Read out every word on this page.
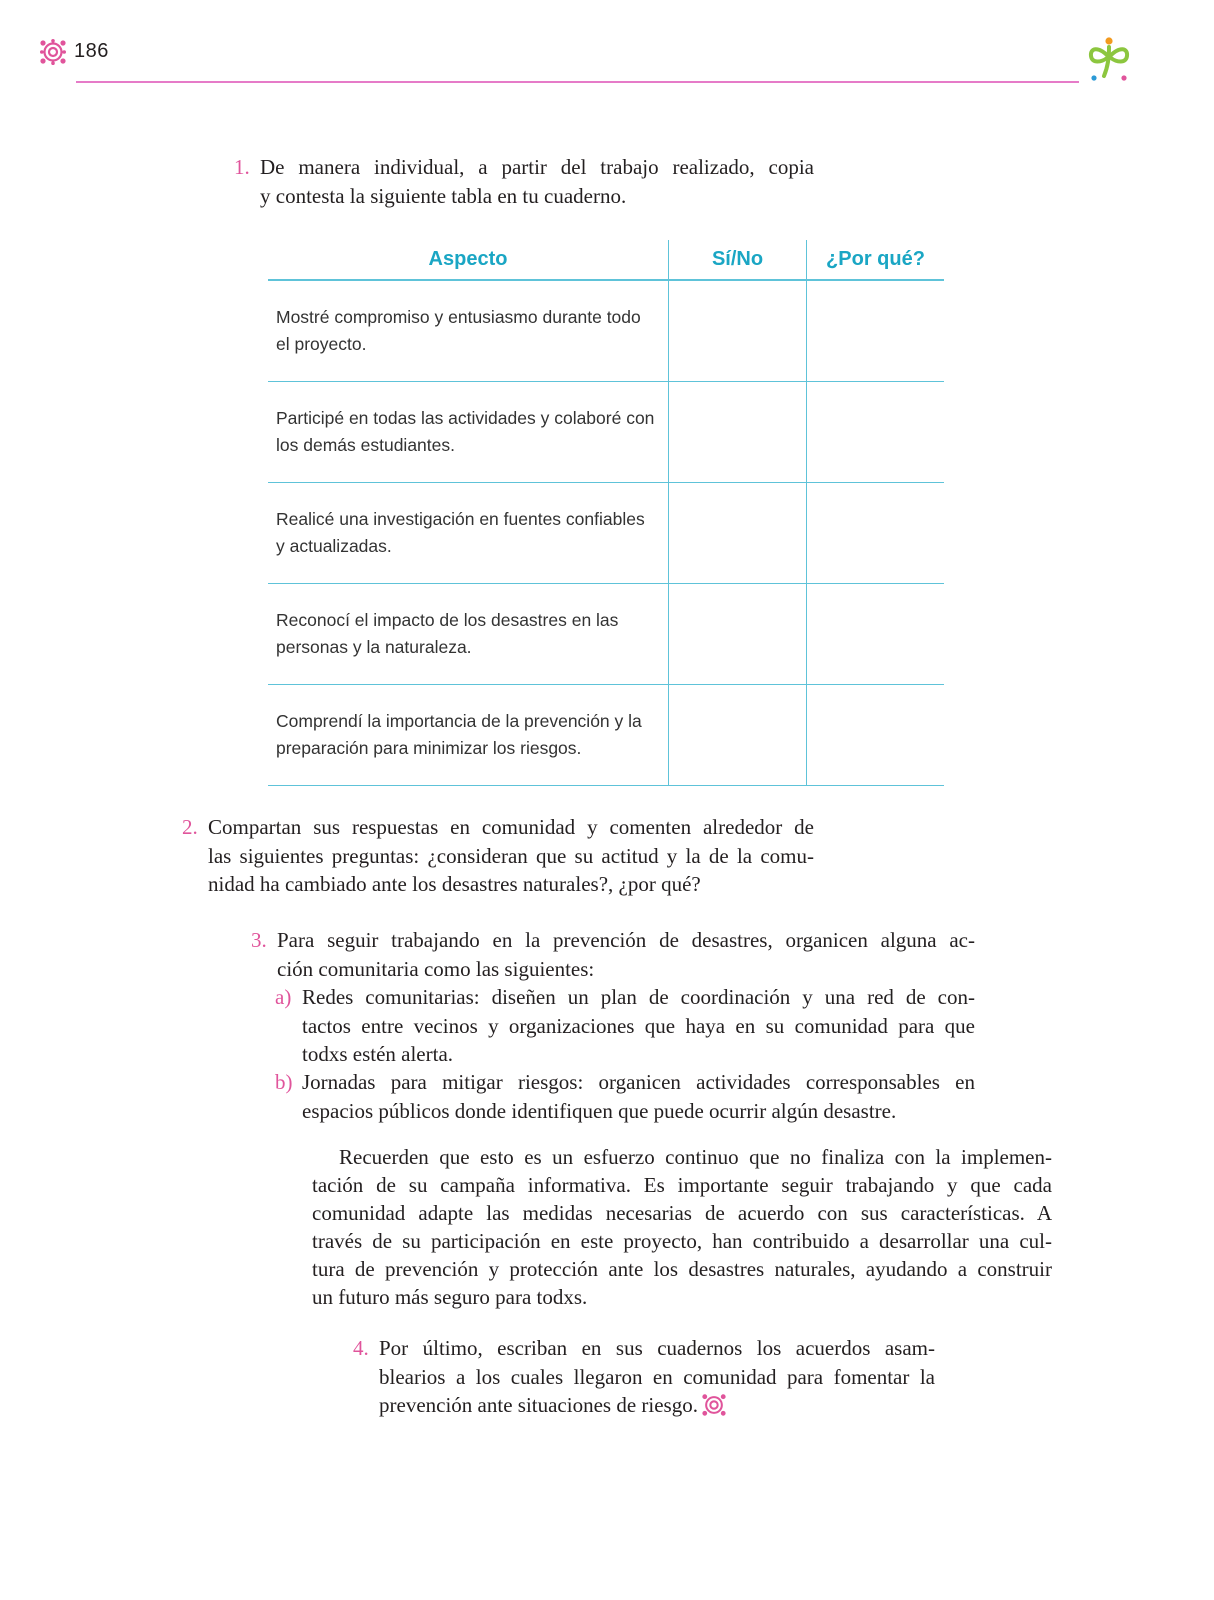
186
1. De manera individual, a partir del trabajo realizado, copia
y contesta la siguiente tabla en tu cuaderno.
Aspecto	Sí/No	¿Por qué?
Mostré compromiso y entusiasmo durante todo
el proyecto.		
Participé en todas las actividades y colaboré con
los demás estudiantes.		
Realicé una investigación en fuentes confiables
y actualizadas.		
Reconocí el impacto de los desastres en las
personas y la naturaleza.		
Comprendí la importancia de la prevención y la
preparación para minimizar los riesgos.		
2. Compartan sus respuestas en comunidad y comenten alrededor de
las siguientes preguntas: ¿consideran que su actitud y la de la comu-
nidad ha cambiado ante los desastres naturales?, ¿por qué?
3. Para seguir trabajando en la prevención de desastres, organicen alguna ac-
ción comunitaria como las siguientes:
a) Redes comunitarias: diseñen un plan de coordinación y una red de con-
tactos entre vecinos y organizaciones que haya en su comunidad para que
todxs estén alerta.
b) Jornadas para mitigar riesgos: organicen actividades corresponsables en
espacios públicos donde identifiquen que puede ocurrir algún desastre.
Recuerden que esto es un esfuerzo continuo que no finaliza con la implemen-
tación de su campaña informativa. Es importante seguir trabajando y que cada
comunidad adapte las medidas necesarias de acuerdo con sus características. A
través de su participación en este proyecto, han contribuido a desarrollar una cul-
tura de prevención y protección ante los desastres naturales, ayudando a construir
un futuro más seguro para todxs.
4. Por último, escriban en sus cuadernos los acuerdos asam-
blearios a los cuales llegaron en comunidad para fomentar la
prevención ante situaciones de riesgo.
